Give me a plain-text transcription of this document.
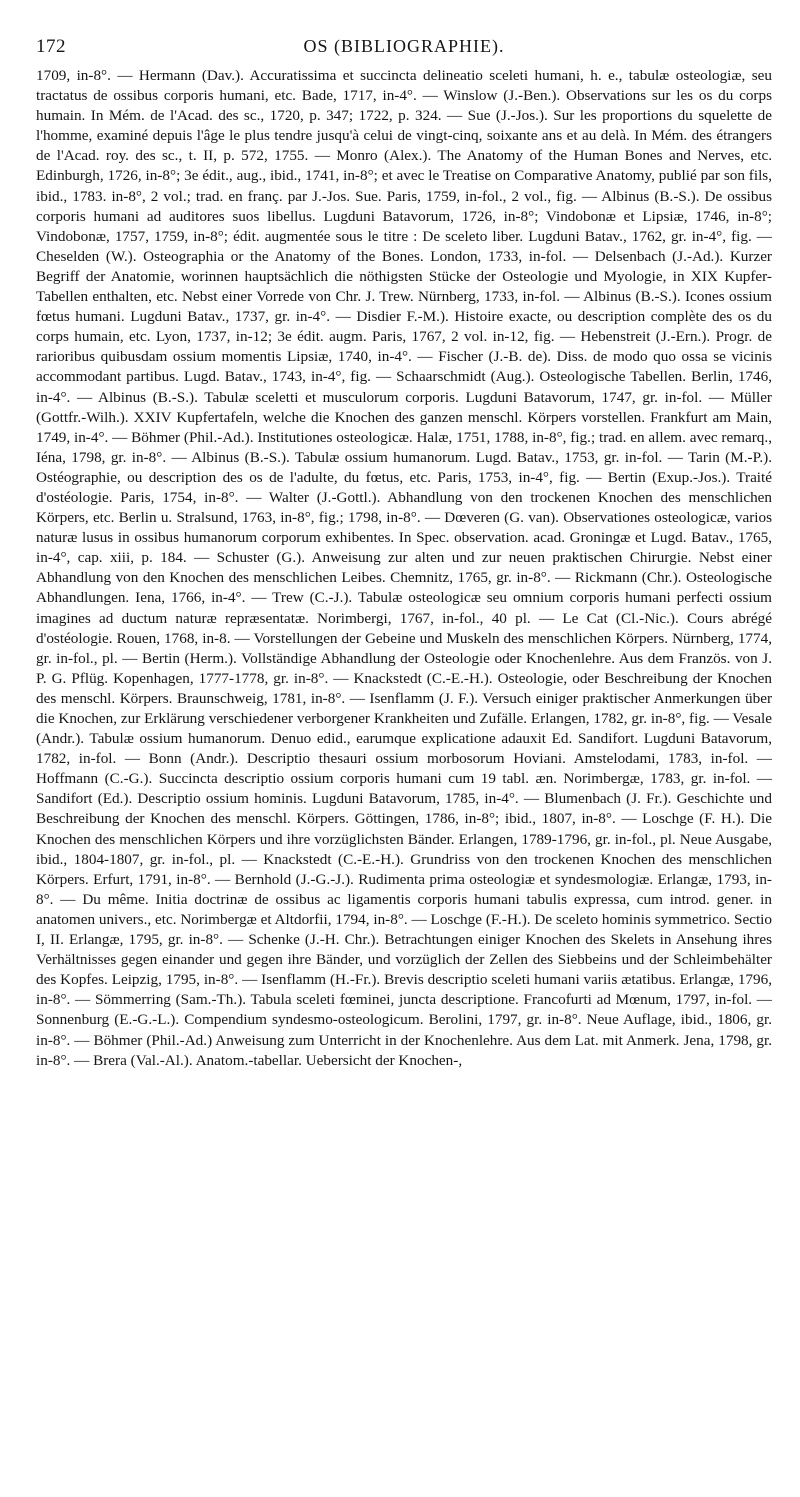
172	OS (BIBLIOGRAPHIE).
1709, in-8°. — Hermann (Dav.). Accuratissima et succincta delineatio sceleti humani, h. e., tabulæ osteologiæ, seu tractatus de ossibus corporis humani, etc. Bade, 1717, in-4°. — Winslow (J.-Ben.). Observations sur les os du corps humain. In Mém. de l'Acad. des sc., 1720, p. 347; 1722, p. 324. — Sue (J.-Jos.). Sur les proportions du squelette de l'homme, examiné depuis l'âge le plus tendre jusqu'à celui de vingt-cinq, soixante ans et au delà. In Mém. des étrangers de l'Acad. roy. des sc., t. II, p. 572, 1755. — Monro (Alex.). The Anatomy of the Human Bones and Nerves, etc. Edinburgh, 1726, in-8°; 3e édit., aug., ibid., 1741, in-8°; et avec le Treatise on Comparative Anatomy, publié par son fils, ibid., 1783. in-8°, 2 vol.; trad. en franç. par J.-Jos. Sue. Paris, 1759, in-fol., 2 vol., fig. — Albinus (B.-S.). De ossibus corporis humani ad auditores suos libellus. Lugduni Batavorum, 1726, in-8°; Vindobonæ et Lipsiæ, 1746, in-8°; Vindobonæ, 1757, 1759, in-8°; édit. augmentée sous le titre : De sceleto liber. Lugduni Batav., 1762, gr. in-4°, fig. — Cheselden (W.). Osteographia or the Anatomy of the Bones. London, 1733, in-fol. — Delsenbach (J.-Ad.). Kurzer Begriff der Anatomie, worinnen hauptsächlich die nöthigsten Stücke der Osteologie und Myologie, in XIX Kupfer-Tabellen enthalten, etc. Nebst einer Vorrede von Chr. J. Trew. Nürnberg, 1733, in-fol. — Albinus (B.-S.). Icones ossium fœtus humani. Lugduni Batav., 1737, gr. in-4°. — Disdier F.-M.). Histoire exacte, ou description complète des os du corps humain, etc. Lyon, 1737, in-12; 3e édit. augm. Paris, 1767, 2 vol. in-12, fig. — Hebenstreit (J.-Ern.). Progr. de rarioribus quibusdam ossium momentis Lipsiæ, 1740, in-4°. — Fischer (J.-B. de). Diss. de modo quo ossa se vicinis accommodant partibus. Lugd. Batav., 1743, in-4°, fig. — Schaarschmidt (Aug.). Osteologische Tabellen. Berlin, 1746, in-4°. — Albinus (B.-S.). Tabulæ sceletti et musculorum corporis. Lugduni Batavorum, 1747, gr. in-fol. — Müller (Gottfr.-Wilh.). XXIV Kupfertafeln, welche die Knochen des ganzen menschl. Körpers vorstellen. Frankfurt am Main, 1749, in-4°. — Böhmer (Phil.-Ad.). Institutiones osteologicæ. Halæ, 1751, 1788, in-8°, fig.; trad. en allem. avec remarq., Iéna, 1798, gr. in-8°. — Albinus (B.-S.). Tabulæ ossium humanorum. Lugd. Batav., 1753, gr. in-fol. — Tarin (M.-P.). Ostéographie, ou description des os de l'adulte, du fœtus, etc. Paris, 1753, in-4°, fig. — Bertin (Exup.-Jos.). Traité d'ostéologie. Paris, 1754, in-8°. — Walter (J.-Gottl.). Abhandlung von den trockenen Knochen des menschlichen Körpers, etc. Berlin u. Stralsund, 1763, in-8°, fig.; 1798, in-8°. — Dœveren (G. van). Observationes osteologicæ, varios naturæ lusus in ossibus humanorum corporum exhibentes. In Spec. observation. acad. Groningæ et Lugd. Batav., 1765, in-4°, cap. xiii, p. 184. — Schuster (G.). Anweisung zur alten und zur neuen praktischen Chirurgie. Nebst einer Abhandlung von den Knochen des menschlichen Leibes. Chemnitz, 1765, gr. in-8°. — Rickmann (Chr.). Osteologische Abhandlungen. Iena, 1766, in-4°. — Trew (C.-J.). Tabulæ osteologicæ seu omnium corporis humani perfecti ossium imagines ad ductum naturæ repræsentatæ. Norimbergi, 1767, in-fol., 40 pl. — Le Cat (Cl.-Nic.). Cours abrégé d'ostéologie. Rouen, 1768, in-8. — Vorstellungen der Gebeine und Muskeln des menschlichen Körpers. Nürnberg, 1774, gr. in-fol., pl. — Bertin (Herm.). Vollständige Abhandlung der Osteologie oder Knochenlehre. Aus dem Französ. von J. P. G. Pflüg. Kopenhagen, 1777-1778, gr. in-8°. — Knackstedt (C.-E.-H.). Osteologie, oder Beschreibung der Knochen des menschl. Körpers. Braunschweig, 1781, in-8°. — Isenflamm (J. F.). Versuch einiger praktischer Anmerkungen über die Knochen, zur Erklärung verschiedener verborgener Krankheiten und Zufälle. Erlangen, 1782, gr. in-8°, fig. — Vesale (Andr.). Tabulæ ossium humanorum. Denuo edid., earumque explicatione adauxit Ed. Sandifort. Lugduni Batavorum, 1782, in-fol. — Bonn (Andr.). Descriptio thesauri ossium morbosorum Hoviani. Amstelodami, 1783, in-fol. — Hoffmann (C.-G.). Succincta descriptio ossium corporis humani cum 19 tabl. æn. Norimbergæ, 1783, gr. in-fol. — Sandifort (Ed.). Descriptio ossium hominis. Lugduni Batavorum, 1785, in-4°. — Blumenbach (J. Fr.). Geschichte und Beschreibung der Knochen des menschl. Körpers. Göttingen, 1786, in-8°; ibid., 1807, in-8°. — Loschge (F. H.). Die Knochen des menschlichen Körpers und ihre vorzüglichsten Bänder. Erlangen, 1789-1796, gr. in-fol., pl. Neue Ausgabe, ibid., 1804-1807, gr. in-fol., pl. — Knackstedt (C.-E.-H.). Grundriss von den trockenen Knochen des menschlichen Körpers. Erfurt, 1791, in-8°. — Bernhold (J.-G.-J.). Rudimenta prima osteologiæ et syndesmologiæ. Erlangæ, 1793, in-8°. — Du même. Initia doctrinæ de ossibus ac ligamentis corporis humani tabulis expressa, cum introd. gener. in anatomen univers., etc. Norimbergæ et Altdorfii, 1794, in-8°. — Loschge (F.-H.). De sceleto hominis symmetrico. Sectio I, II. Erlangæ, 1795, gr. in-8°. — Schenke (J.-H. Chr.). Betrachtungen einiger Knochen des Skelets in Ansehung ihres Verhältnisses gegen einander und gegen ihre Bänder, und vorzüglich der Zellen des Siebbeins und der Schleimbehälter des Kopfes. Leipzig, 1795, in-8°. — Isenflamm (H.-Fr.). Brevis descriptio sceleti humani variis ætatibus. Erlangæ, 1796, in-8°. — Sömmerring (Sam.-Th.). Tabula sceleti fœminei, juncta descriptione. Francofurti ad Mœnum, 1797, in-fol. — Sonnenburg (E.-G.-L.). Compendium syndesmo-osteologicum. Berolini, 1797, gr. in-8°. Neue Auflage, ibid., 1806, gr. in-8°. — Böhmer (Phil.-Ad.) Anweisung zum Unterricht in der Knochenlehre. Aus dem Lat. mit Anmerk. Jena, 1798, gr. in-8°. — Brera (Val.-Al.). Anatom.-tabellar. Uebersicht der Knochen-,
